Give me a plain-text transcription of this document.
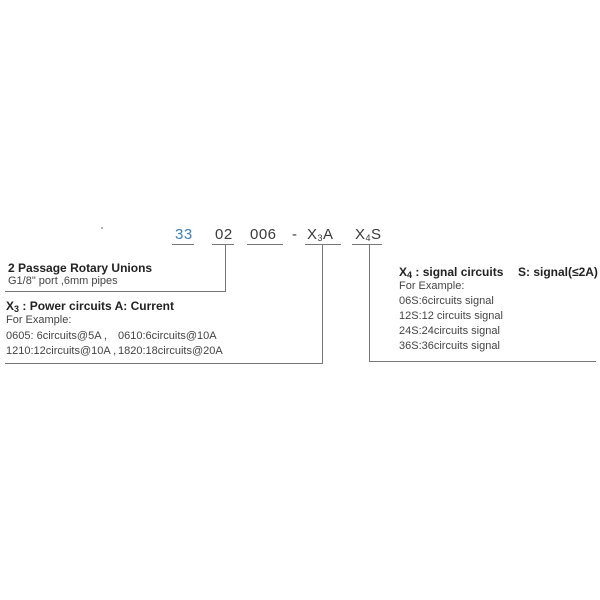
33 02 006 - X3A X4S
2 Passage Rotary Unions
G1/8" port ,6mm pipes
X3 : Power circuits A: Current
For Example:
0605: 6circuits@5A , 0610:6circuits@10A
1210:12circuits@10A , 1820:18circuits@20A
X4 : signal circuits S: signal(≤2A)
For Example:
06S:6circuits signal
12S:12 circuits signal
24S:24circuits signal
36S:36circuits signal
